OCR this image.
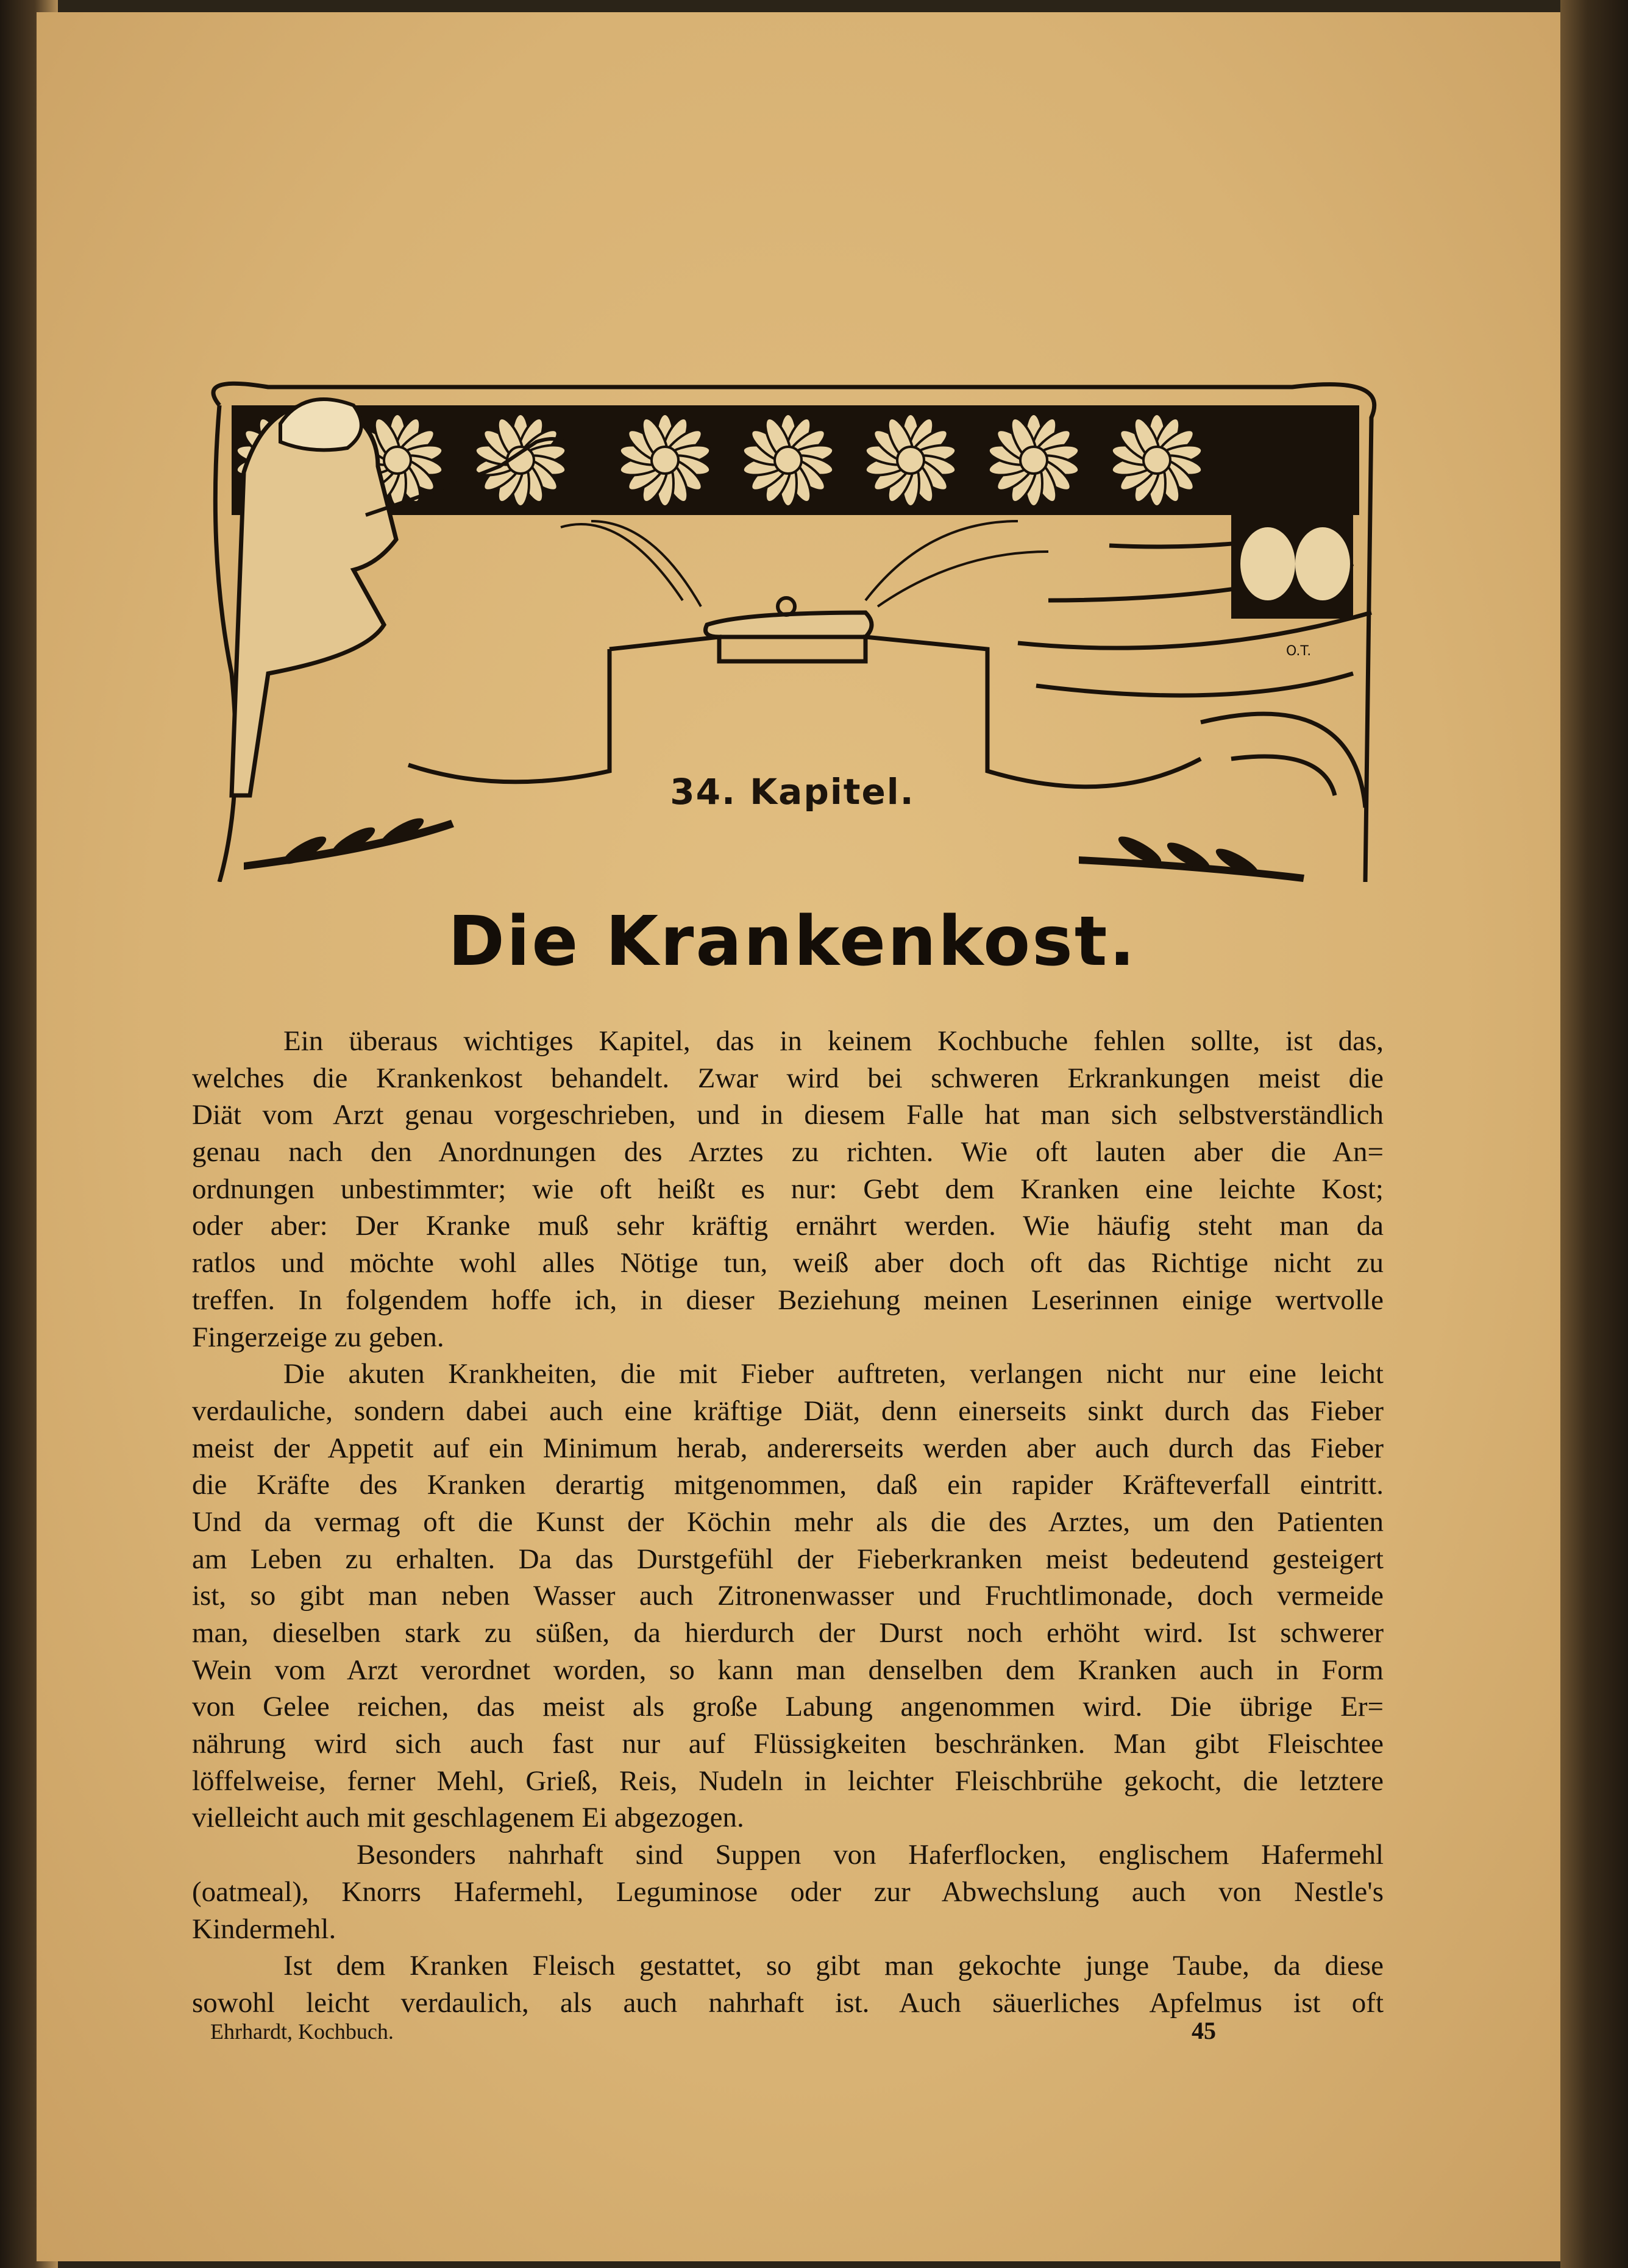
O.T.
34. Kapitel.
Die Krankenkost.
Ein überaus wichtiges Kapitel, das in keinem Kochbuche fehlen sollte, ist das,
welches die Krankenkost behandelt. Zwar wird bei schweren Erkrankungen meist die
Diät vom Arzt genau vorgeschrieben, und in diesem Falle hat man sich selbstverständlich
genau nach den Anordnungen des Arztes zu richten. Wie oft lauten aber die An=
ordnungen unbestimmter; wie oft heißt es nur: Gebt dem Kranken eine leichte Kost;
oder aber: Der Kranke muß sehr kräftig ernährt werden. Wie häufig steht man da
ratlos und möchte wohl alles Nötige tun, weiß aber doch oft das Richtige nicht zu
treffen. In folgendem hoffe ich, in dieser Beziehung meinen Leserinnen einige wertvolle
Fingerzeige zu geben.
Die akuten Krankheiten, die mit Fieber auftreten, verlangen nicht nur eine leicht
verdauliche, sondern dabei auch eine kräftige Diät, denn einerseits sinkt durch das Fieber
meist der Appetit auf ein Minimum herab, andererseits werden aber auch durch das Fieber
die Kräfte des Kranken derartig mitgenommen, daß ein rapider Kräfteverfall eintritt.
Und da vermag oft die Kunst der Köchin mehr als die des Arztes, um den Patienten
am Leben zu erhalten. Da das Durstgefühl der Fieberkranken meist bedeutend gesteigert
ist, so gibt man neben Wasser auch Zitronenwasser und Fruchtlimonade, doch vermeide
man, dieselben stark zu süßen, da hierdurch der Durst noch erhöht wird. Ist schwerer
Wein vom Arzt verordnet worden, so kann man denselben dem Kranken auch in Form
von Gelee reichen, das meist als große Labung angenommen wird. Die übrige Er=
nährung wird sich auch fast nur auf Flüssigkeiten beschränken. Man gibt Fleischtee
löffelweise, ferner Mehl, Grieß, Reis, Nudeln in leichter Fleischbrühe gekocht, die letztere
vielleicht auch mit geschlagenem Ei abgezogen.
Besonders nahrhaft sind Suppen von Haferflocken, englischem Hafermehl
(oatmeal), Knorrs Hafermehl, Leguminose oder zur Abwechslung auch von Nestle's
Kindermehl.
Ist dem Kranken Fleisch gestattet, so gibt man gekochte junge Taube, da diese
sowohl leicht verdaulich, als auch nahrhaft ist. Auch säuerliches Apfelmus ist oft
Ehrhardt, Kochbuch.	45
